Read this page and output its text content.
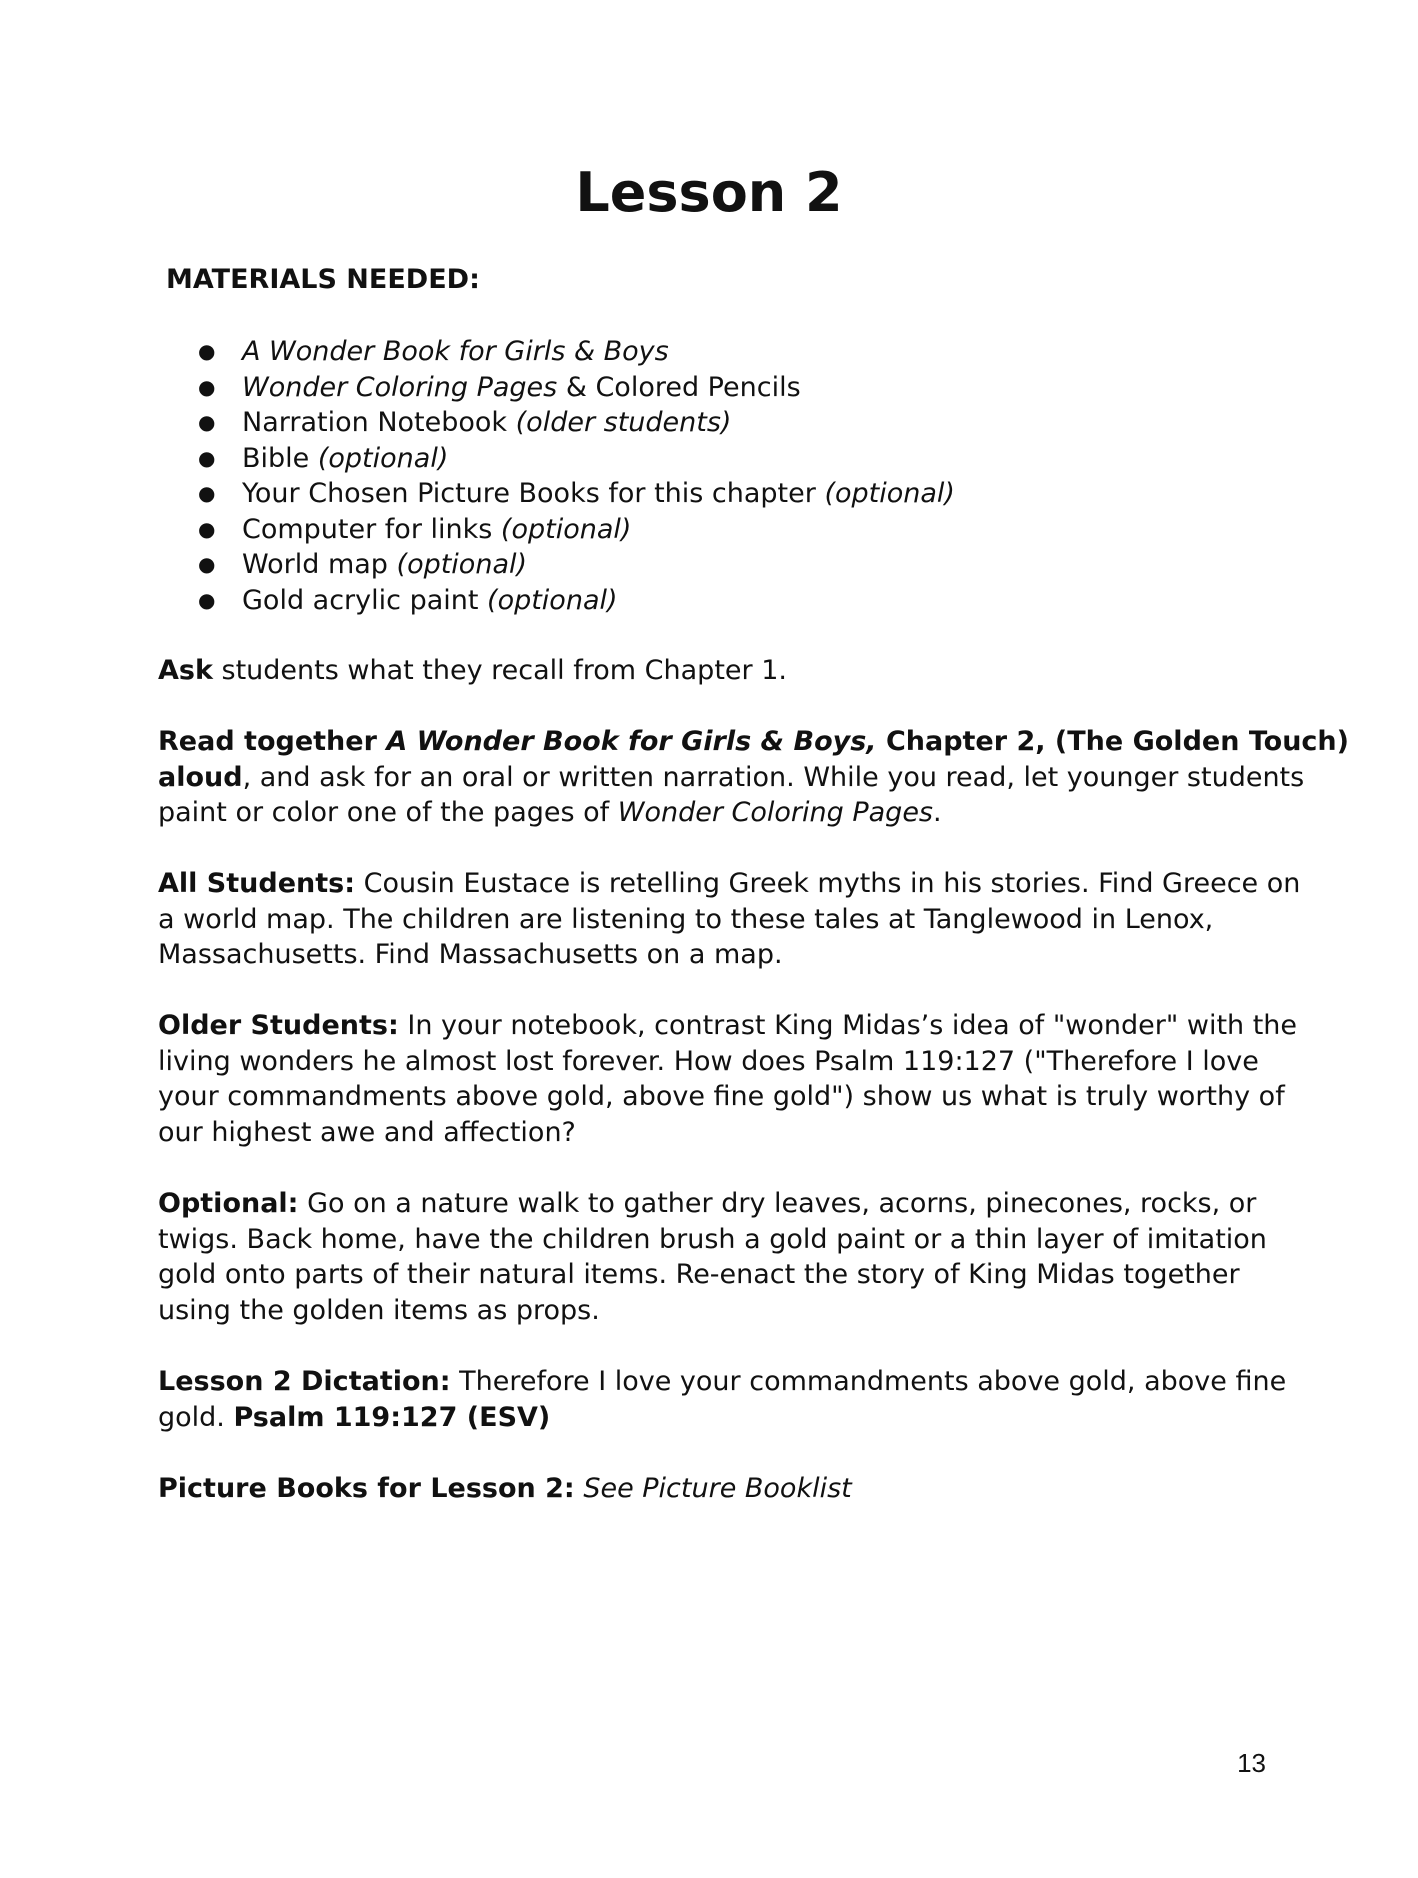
Lesson 2

MATERIALS NEEDED:

● A Wonder Book for Girls & Boys
● Wonder Coloring Pages & Colored Pencils
● Narration Notebook (older students)
● Bible (optional)
● Your Chosen Picture Books for this chapter (optional)
● Computer for links (optional)
● World map (optional)
● Gold acrylic paint (optional)

Ask students what they recall from Chapter 1.

Read together A Wonder Book for Girls & Boys, Chapter 2, (The Golden Touch)
aloud, and ask for an oral or written narration. While you read, let younger students
paint or color one of the pages of Wonder Coloring Pages.

All Students: Cousin Eustace is retelling Greek myths in his stories. Find Greece on
a world map. The children are listening to these tales at Tanglewood in Lenox,
Massachusetts. Find Massachusetts on a map.

Older Students: In your notebook, contrast King Midas’s idea of "wonder" with the
living wonders he almost lost forever. How does Psalm 119:127 ("Therefore I love
your commandments above gold, above fine gold") show us what is truly worthy of
our highest awe and affection?

Optional: Go on a nature walk to gather dry leaves, acorns, pinecones, rocks, or
twigs. Back home, have the children brush a gold paint or a thin layer of imitation
gold onto parts of their natural items. Re-enact the story of King Midas together
using the golden items as props.

Lesson 2 Dictation: Therefore I love your commandments above gold, above fine
gold. Psalm 119:127 (ESV)

Picture Books for Lesson 2: See Picture Booklist

13
